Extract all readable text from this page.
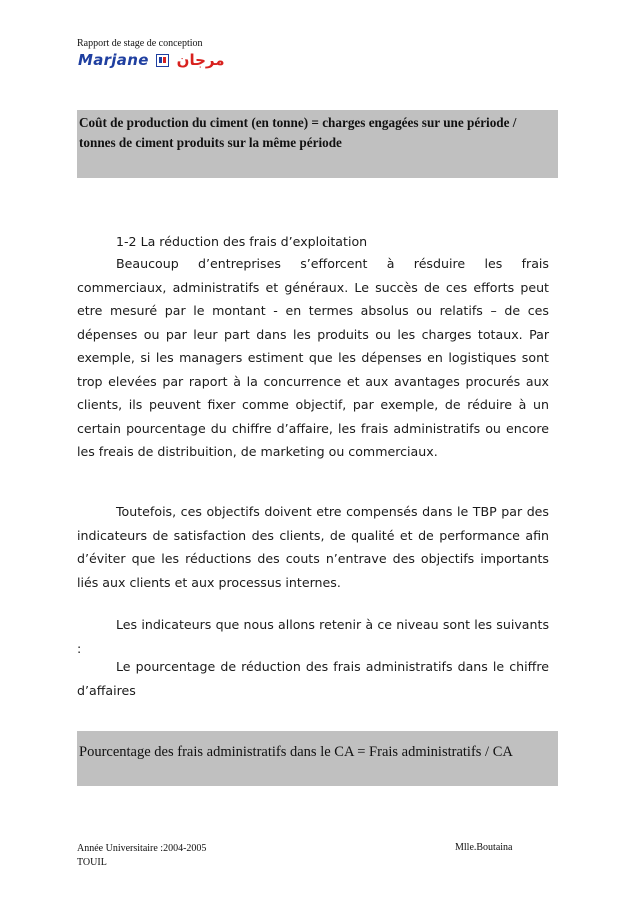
Rapport de stage de conception
Marjane مرجان
Coût de production du ciment (en tonne) = charges engagées sur une période / tonnes de ciment produits sur la même période
1-2 La réduction des frais d’exploitation

Beaucoup d’entreprises s’efforcent à résduire les frais commerciaux, administratifs et généraux. Le succès de ces efforts peut etre mesuré par le montant - en termes absolus ou relatifs – de ces dépenses ou par leur part dans les produits ou les charges totaux. Par exemple, si les managers estiment que les dépenses en logistiques sont trop elevées par raport à la concurrence et aux avantages procurés aux clients, ils peuvent fixer comme objectif, par exemple, de réduire à un certain pourcentage du chiffre d’affaire, les frais administratifs ou encore les freais de distribuition, de marketing ou commerciaux.

Toutefois, ces objectifs doivent etre compensés dans le TBP par des indicateurs de satisfaction des clients, de qualité et de performance afin d’éviter que les réductions des couts n’entrave des objectifs importants liés aux clients et aux processus internes.

Les indicateurs que nous allons retenir à ce niveau sont les suivants :

Le pourcentage de réduction des frais administratifs dans le chiffre d’affaires

Pourcentage des frais administratifs dans le CA = Frais administratifs / CA
Année Universitaire :2004-2005
TOUIL
Mlle.Boutaina
